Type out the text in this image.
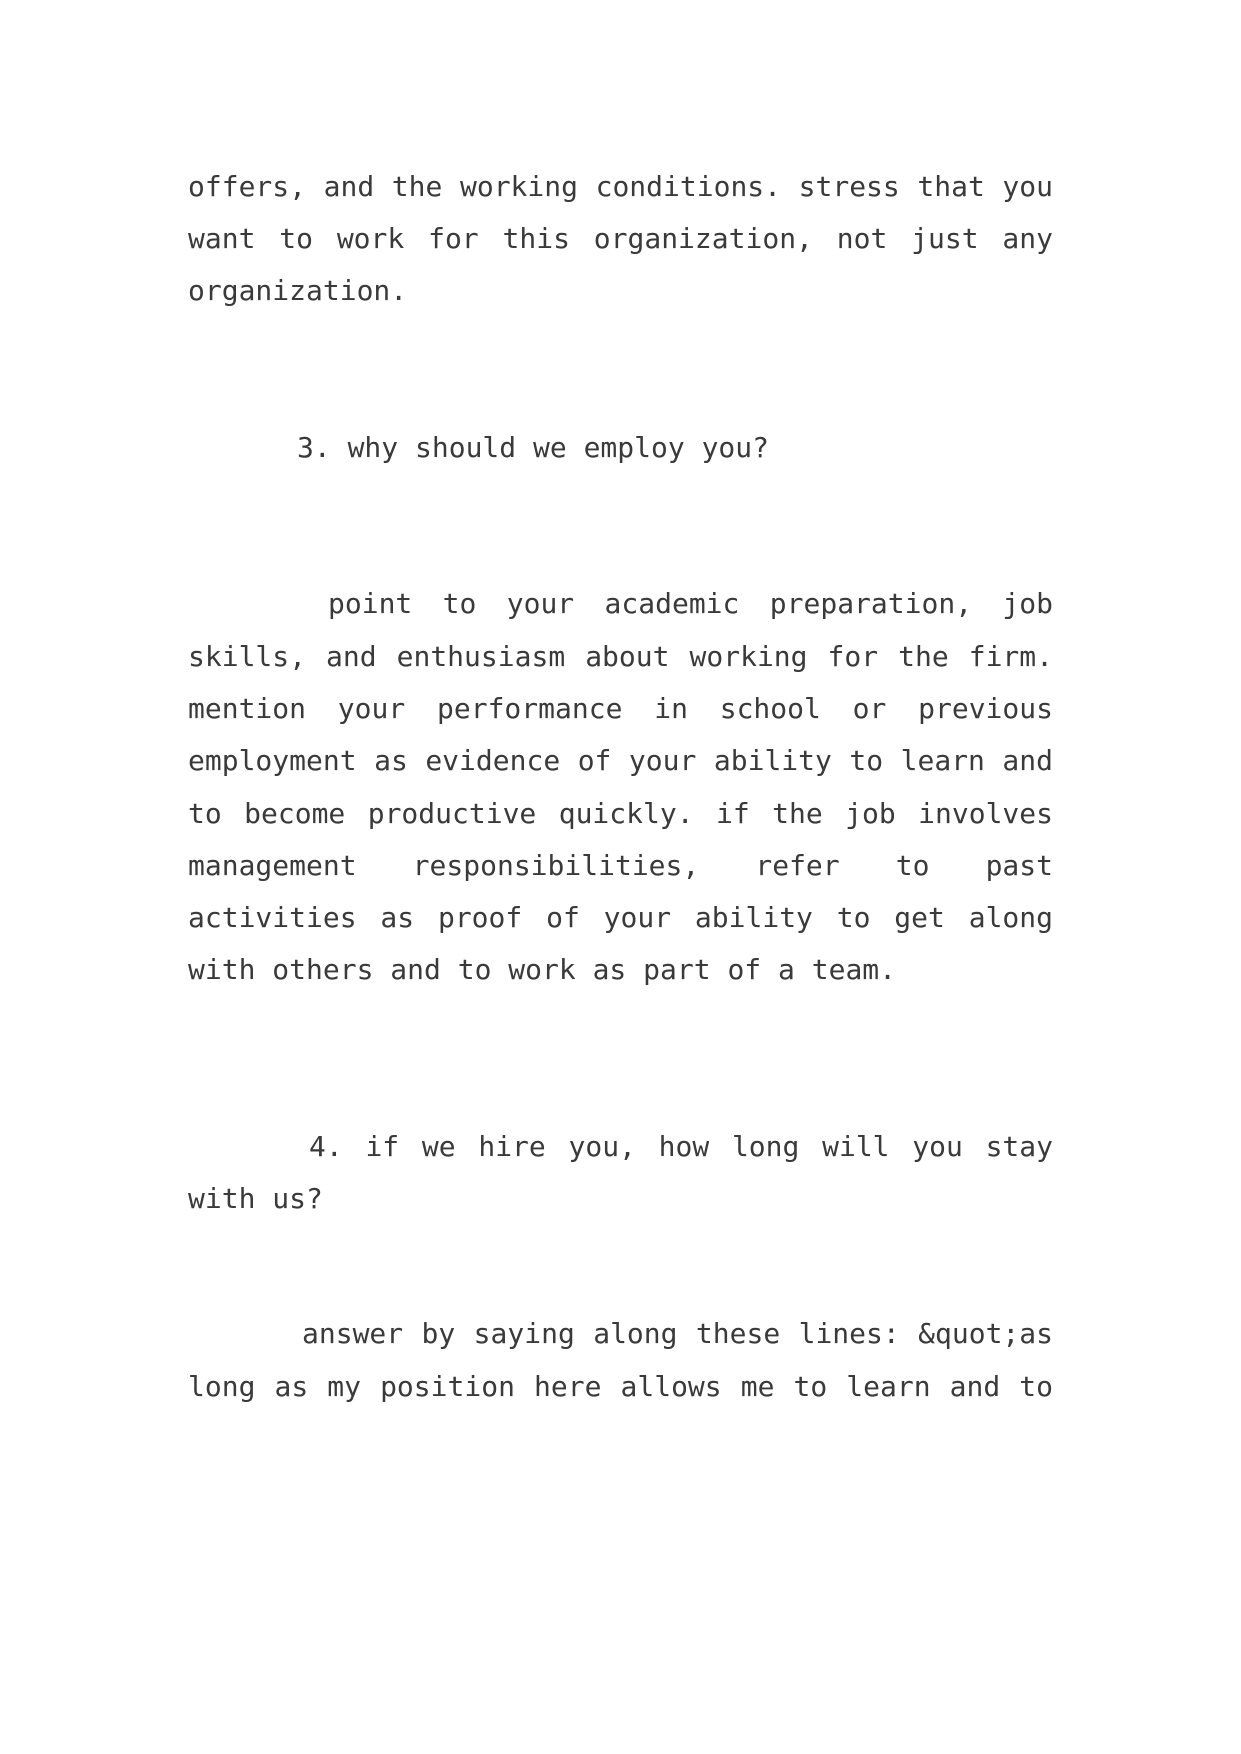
offers, and the working conditions. stress that you

want to work for this organization, not just any

organization.

3. why should we employ you?

point to your academic preparation, job

skills, and enthusiasm about working for the firm.

mention your performance in school or previous

employment as evidence of your ability to learn and

to become productive quickly. if the job involves

management responsibilities, refer to past

activities as proof of your ability to get along

with others and to work as part of a team.

4. if we hire you, how long will you stay

with us?

answer by saying along these lines: &quot;as

long as my position here allows me to learn and to
